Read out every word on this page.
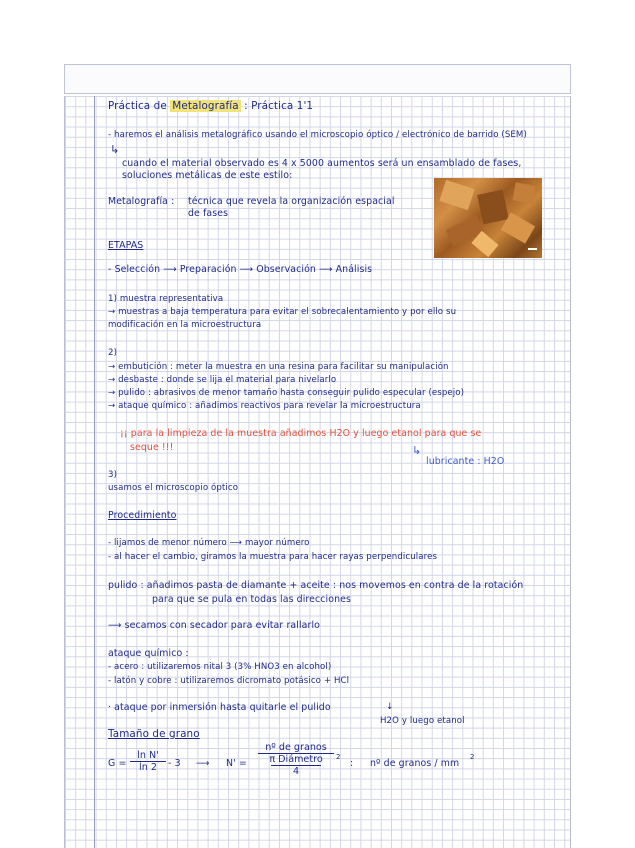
Práctica de Metalografía : Práctica 1'1
- haremos el análisis metalográfico usando el microscopio óptico / electrónico de barrido (SEM)
↳
cuando el material observado es 4 x 5000 aumentos será un ensamblado de fases,
soluciones metálicas de este estilo:
Metalografía : técnica que revela la organización espacial
de fases
ETAPAS
- Selección ⟶ Preparación ⟶ Observación ⟶ Análisis
1) muestra representativa
→ muestras a baja temperatura para evitar el sobrecalentamiento y por ello su
modificación en la microestructura
2)
→ embutición : meter la muestra en una resina para facilitar su manipulación
→ desbaste : donde se lija el material para nivelarlo
→ pulido : abrasivos de menor tamaño hasta conseguir pulido especular (espejo)
→ ataque químico : añadimos reactivos para revelar la microestructura
¡¡ para la limpieza de la muestra añadimos H2O y luego etanol para que se
seque !!!	↳
lubricante : H2O
3)
usamos el microscopio óptico
Procedimiento
- lijamos de menor número ⟶ mayor número
- al hacer el cambio, giramos la muestra para hacer rayas perpendiculares
pulido : añadimos pasta de diamante + aceite : nos movemos en contra de la rotación
para que se pula en todas las direcciones
⟶ secamos con secador para evitar rallarlo
ataque químico :
- acero : utilizaremos nital 3 (3% HNO3 en alcohol)
- latón y cobre : utilizaremos dicromato potásico + HCl
· ataque por inmersión hasta quitarle el pulido	↓
H2O y luego etanol
Tamaño de grano
$G = \frac{\text{ln N'}}{\ln 2} - 3$ ⟶ N' =
nº de granos
π Diámetro
4
2
: nº de granos / mm
2
